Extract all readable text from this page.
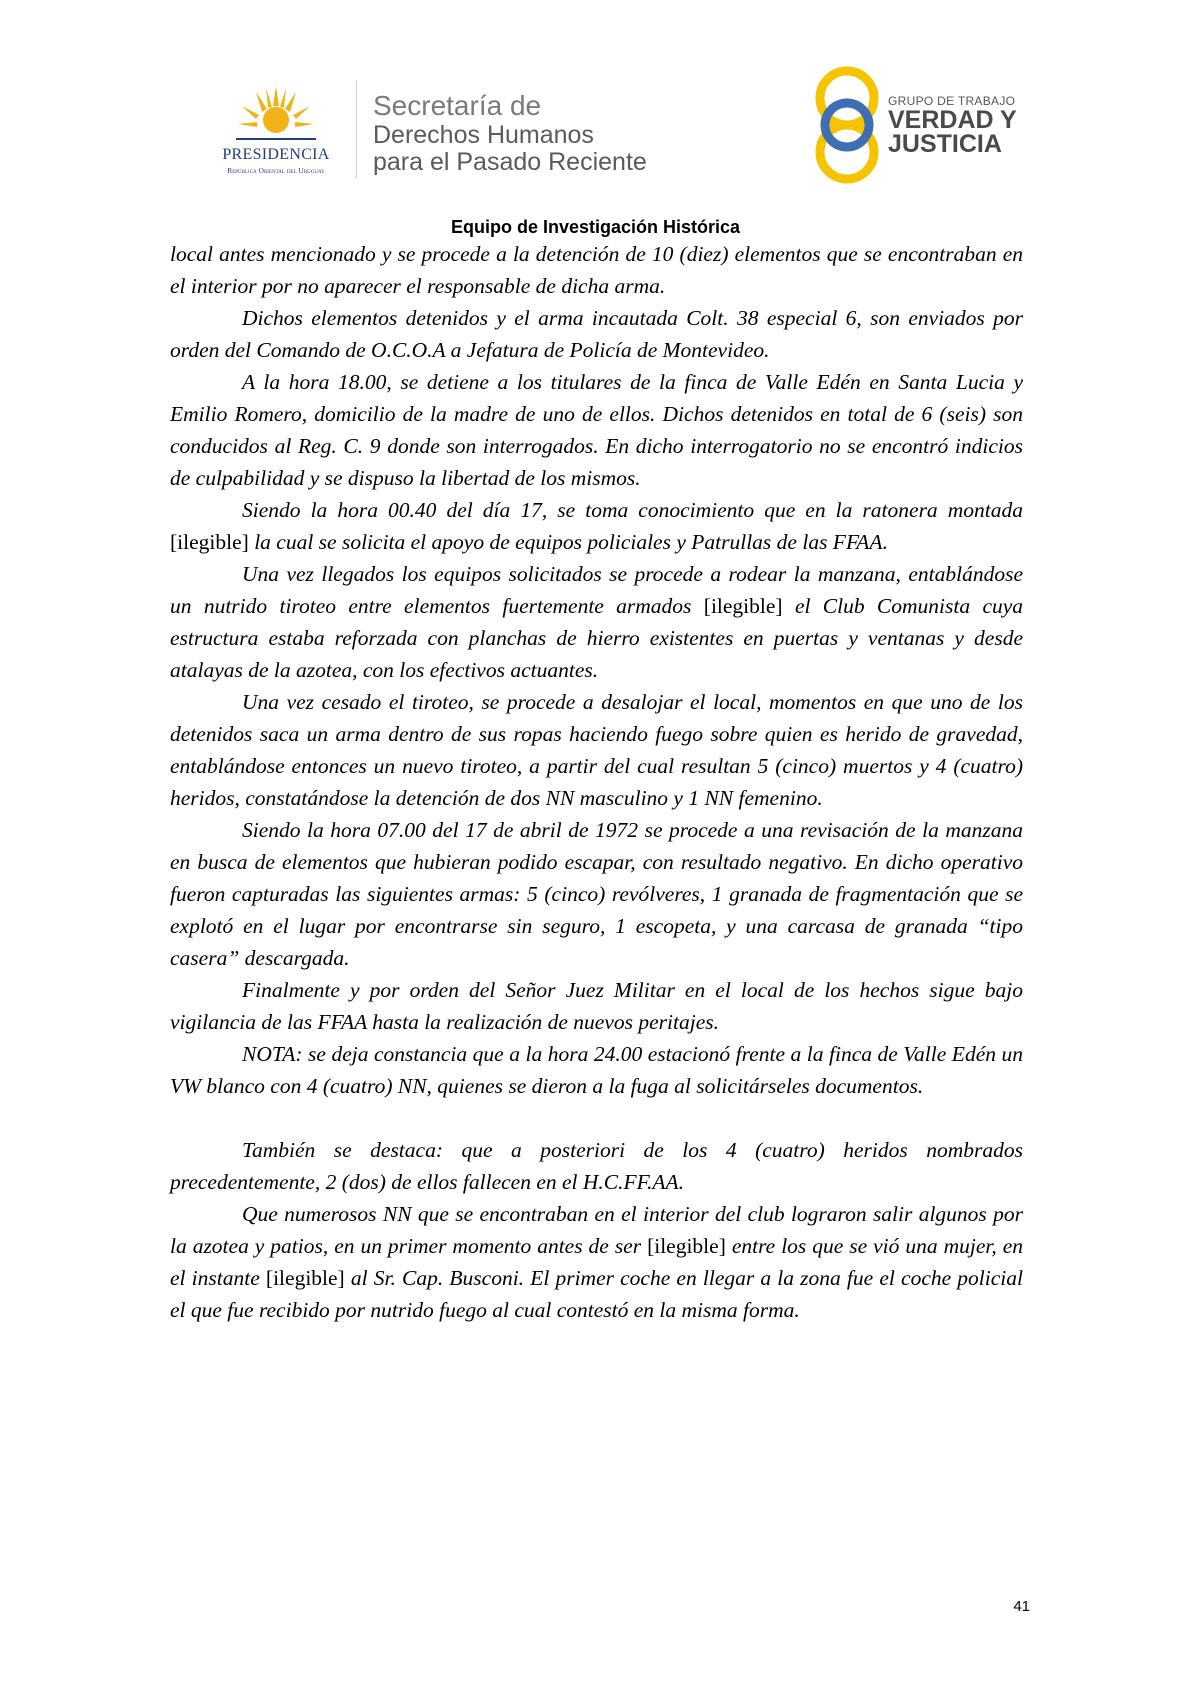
PRESIDENCIA
República Oriental del Uruguay
Secretaría de
Derechos Humanos
para el Pasado Reciente
GRUPO DE TRABAJO
VERDAD Y
JUSTICIA
Equipo de Investigación Histórica

local antes mencionado y se procede a la detención de 10 (diez) elementos que se encontraban en el interior por no aparecer el responsable de dicha arma.

Dichos elementos detenidos y el arma incautada Colt. 38 especial 6, son enviados por orden del Comando de O.C.O.A a Jefatura de Policía de Montevideo.

A la hora 18.00, se detiene a los titulares de la finca de Valle Edén en Santa Lucia y Emilio Romero, domicilio de la madre de uno de ellos. Dichos detenidos en total de 6 (seis) son conducidos al Reg. C. 9 donde son interrogados. En dicho interrogatorio no se encontró indicios de culpabilidad y se dispuso la libertad de los mismos.

Siendo la hora 00.40 del día 17, se toma conocimiento que en la ratonera montada [ilegible] la cual se solicita el apoyo de equipos policiales y Patrullas de las FFAA.

Una vez llegados los equipos solicitados se procede a rodear la manzana, entablándose un nutrido tiroteo entre elementos fuertemente armados [ilegible] el Club Comunista cuya estructura estaba reforzada con planchas de hierro existentes en puertas y ventanas y desde atalayas de la azotea, con los efectivos actuantes.

Una vez cesado el tiroteo, se procede a desalojar el local, momentos en que uno de los detenidos saca un arma dentro de sus ropas haciendo fuego sobre quien es herido de gravedad, entablándose entonces un nuevo tiroteo, a partir del cual resultan 5 (cinco) muertos y 4 (cuatro) heridos, constatándose la detención de dos NN masculino y 1 NN femenino.

Siendo la hora 07.00 del 17 de abril de 1972 se procede a una revisación de la manzana en busca de elementos que hubieran podido escapar, con resultado negativo. En dicho operativo fueron capturadas las siguientes armas: 5 (cinco) revólveres, 1 granada de fragmentación que se explotó en el lugar por encontrarse sin seguro, 1 escopeta, y una carcasa de granada “tipo casera” descargada.

Finalmente y por orden del Señor Juez Militar en el local de los hechos sigue bajo vigilancia de las FFAA hasta la realización de nuevos peritajes.

NOTA: se deja constancia que a la hora 24.00 estacionó frente a la finca de Valle Edén un VW blanco con 4 (cuatro) NN, quienes se dieron a la fuga al solicitárseles documentos.

También se destaca: que a posteriori de los 4 (cuatro) heridos nombrados precedentemente, 2 (dos) de ellos fallecen en el H.C.FF.AA.

Que numerosos NN que se encontraban en el interior del club lograron salir algunos por la azotea y patios, en un primer momento antes de ser [ilegible] entre los que se vió una mujer, en el instante [ilegible] al Sr. Cap. Busconi. El primer coche en llegar a la zona fue el coche policial el que fue recibido por nutrido fuego al cual contestó en la misma forma.

41
